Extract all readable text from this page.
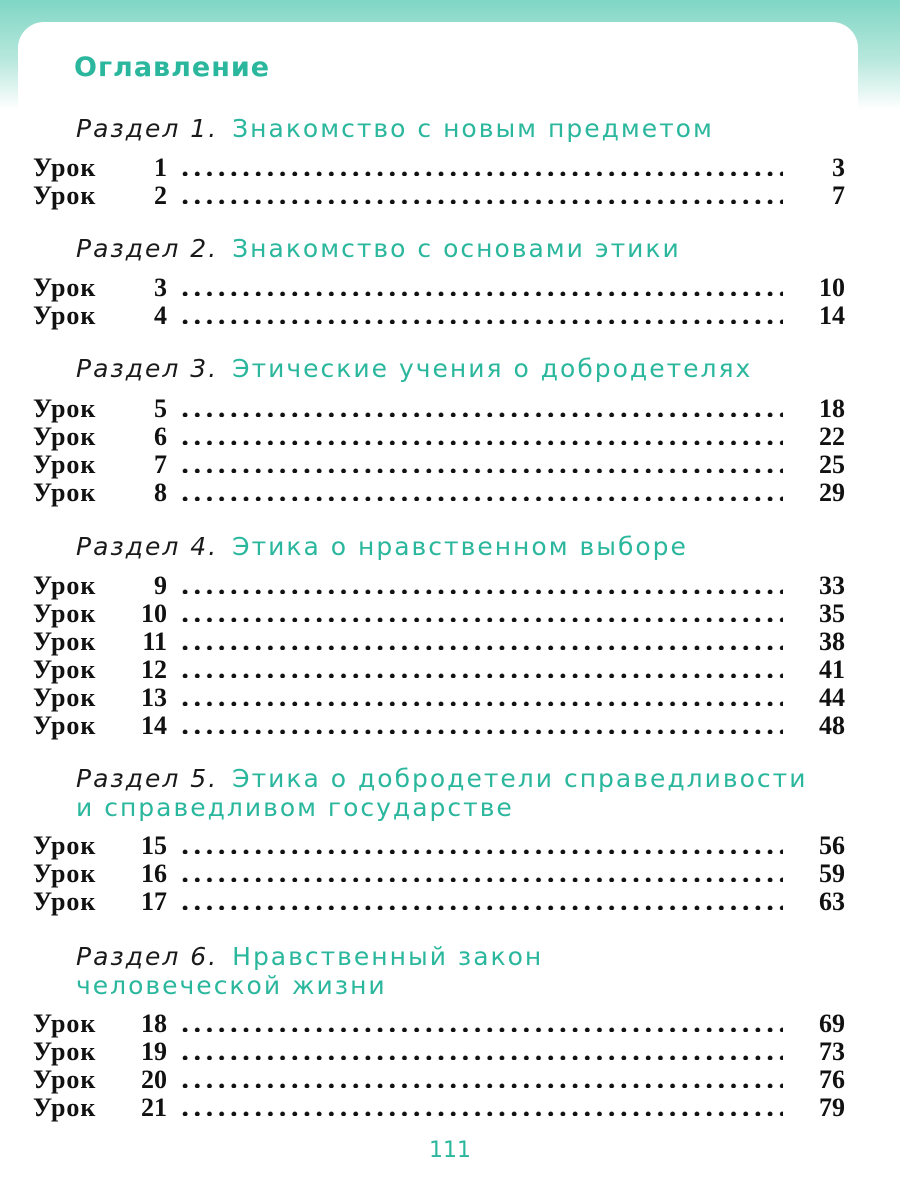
Оглавление
Раздел 1. Знакомство с новым предметом
Урок	1	3
Урок	2	7
Раздел 2. Знакомство с основами этики
Урок	3	10
Урок	4	14
Раздел 3. Этические учения о добродетелях
Урок	5	18
Урок	6	22
Урок	7	25
Урок	8	29
Раздел 4. Этика о нравственном выборе
Урок	9	33
Урок	10	35
Урок	11	38
Урок	12	41
Урок	13	44
Урок	14	48
Раздел 5. Этика о добродетели справедливости
и справедливом государстве
Урок	15	56
Урок	16	59
Урок	17	63
Раздел 6. Нравственный закон
человеческой жизни
Урок	18	69
Урок	19	73
Урок	20	76
Урок	21	79
111
